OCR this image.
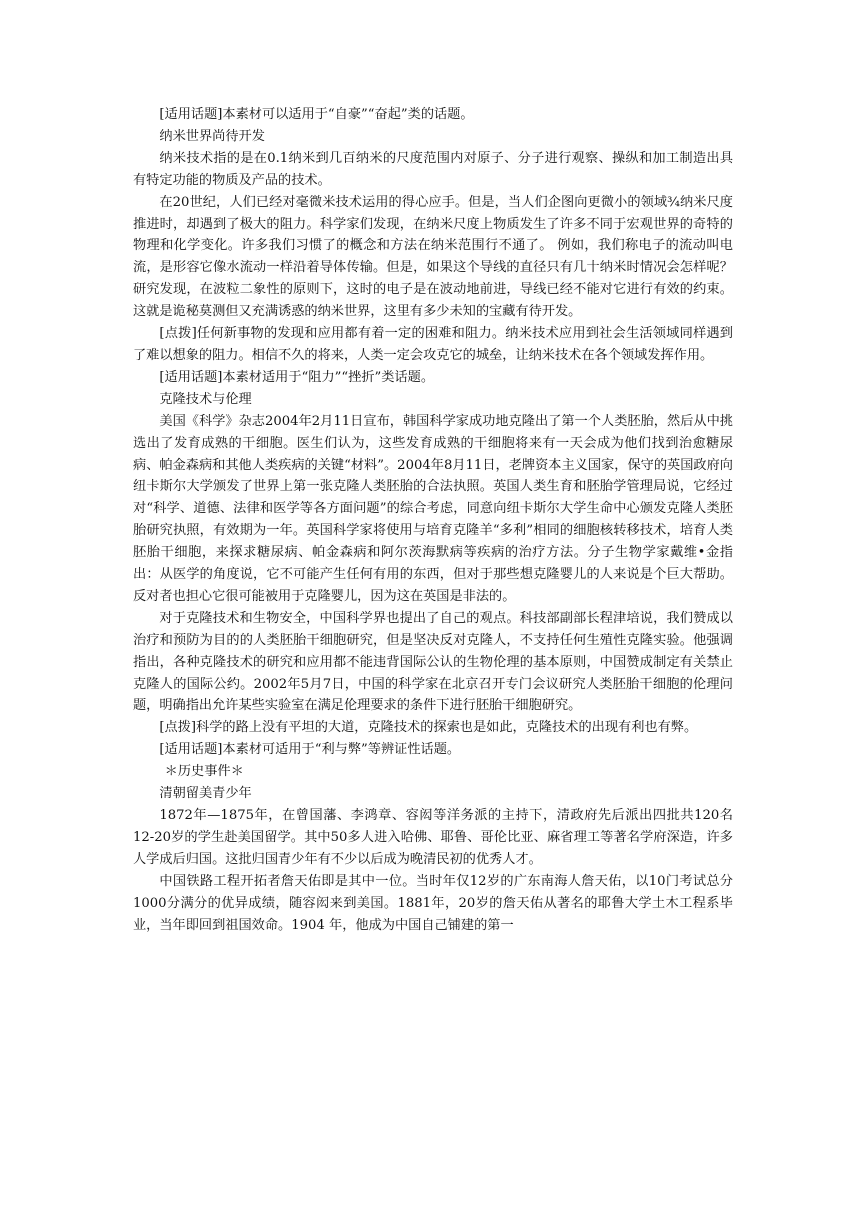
[适用话题]本素材可以适用于“自豪”“奋起”类的话题。

纳米世界尚待开发

纳米技术指的是在0.1纳米到几百纳米的尺度范围内对原子、分子进行观察、操纵和加工制造出具有特定功能的物质及产品的技术。

在20世纪，人们已经对毫微米技术运用的得心应手。但是，当人们企图向更微小的领域¾纳米尺度推进时，却遇到了极大的阻力。科学家们发现，在纳米尺度上物质发生了许多不同于宏观世界的奇特的物理和化学变化。许多我们习惯了的概念和方法在纳米范围行不通了。 例如，我们称电子的流动叫电流，是形容它像水流动一样沿着导体传输。但是，如果这个导线的直径只有几十纳米时情况会怎样呢？研究发现，在波粒二象性的原则下，这时的电子是在波动地前进，导线已经不能对它进行有效的约束。这就是诡秘莫测但又充满诱惑的纳米世界，这里有多少未知的宝藏有待开发。

[点拨]任何新事物的发现和应用都有着一定的困难和阻力。纳米技术应用到社会生活领域同样遇到了难以想象的阻力。相信不久的将来，人类一定会攻克它的城垒，让纳米技术在各个领域发挥作用。

[适用话题]本素材适用于“阻力”“挫折”类话题。

克隆技术与伦理

美国《科学》杂志2004年2月11日宣布，韩国科学家成功地克隆出了第一个人类胚胎，然后从中挑选出了发育成熟的干细胞。医生们认为，这些发育成熟的干细胞将来有一天会成为他们找到治愈糖尿病、帕金森病和其他人类疾病的关键“材料”。2004年8月11日，老牌资本主义国家，保守的英国政府向纽卡斯尔大学颁发了世界上第一张克隆人类胚胎的合法执照。英国人类生育和胚胎学管理局说，它经过对“科学、道德、法律和医学等各方面问题”的综合考虑，同意向纽卡斯尔大学生命中心颁发克隆人类胚胎研究执照，有效期为一年。英国科学家将使用与培育克隆羊“多利”相同的细胞核转移技术，培育人类胚胎干细胞，来探求糖尿病、帕金森病和阿尔茨海默病等疾病的治疗方法。分子生物学家戴维•金指出：从医学的角度说，它不可能产生任何有用的东西，但对于那些想克隆婴儿的人来说是个巨大帮助。反对者也担心它很可能被用于克隆婴儿，因为这在英国是非法的。

对于克隆技术和生物安全，中国科学界也提出了自己的观点。科技部副部长程津培说，我们赞成以治疗和预防为目的的人类胚胎干细胞研究，但是坚决反对克隆人，不支持任何生殖性克隆实验。他强调指出，各种克隆技术的研究和应用都不能违背国际公认的生物伦理的基本原则，中国赞成制定有关禁止克隆人的国际公约。2002年5月7日，中国的科学家在北京召开专门会议研究人类胚胎干细胞的伦理问题，明确指出允许某些实验室在满足伦理要求的条件下进行胚胎干细胞研究。

[点拨]科学的路上没有平坦的大道，克隆技术的探索也是如此，克隆技术的出现有利也有弊。

[适用话题]本素材可适用于“利与弊”等辨证性话题。

＊历史事件＊

清朝留美青少年

1872年—1875年，在曾国藩、李鸿章、容闳等洋务派的主持下，清政府先后派出四批共120名12-20岁的学生赴美国留学。其中50多人进入哈佛、耶鲁、哥伦比亚、麻省理工等著名学府深造，许多人学成后归国。这批归国青少年有不少以后成为晚清民初的优秀人才。

中国铁路工程开拓者詹天佑即是其中一位。当时年仅12岁的广东南海人詹天佑，以10门考试总分1000分满分的优异成绩，随容闳来到美国。1881年，20岁的詹天佑从著名的耶鲁大学土木工程系毕业，当年即回到祖国效命。1904 年，他成为中国自己铺建的第一
